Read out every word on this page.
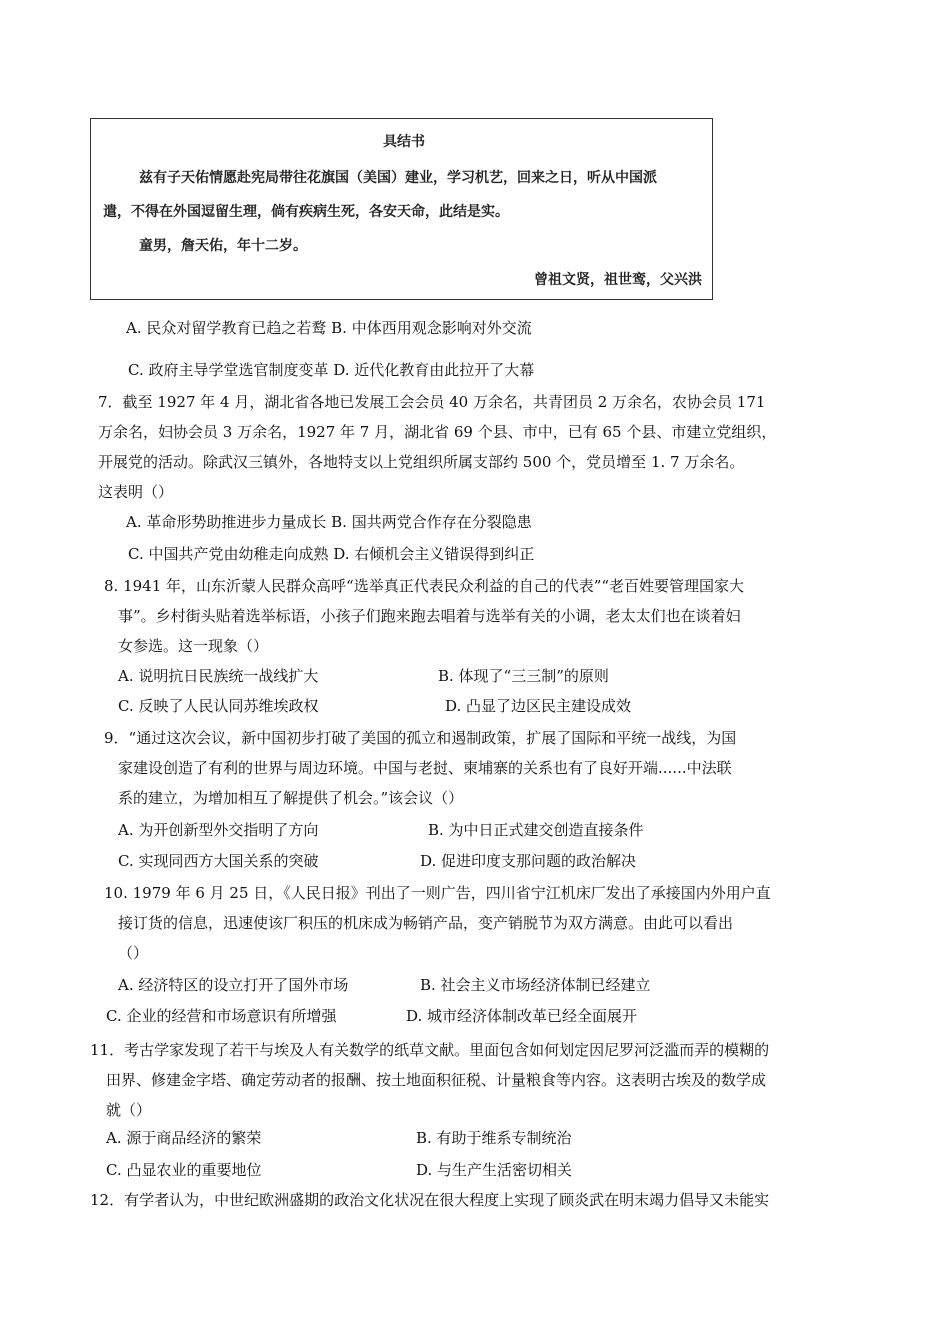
具结书
兹有子天佑情愿赴宪局带往花旗国（美国）建业，学习机艺，回来之日，听从中国派
遣，不得在外国逗留生理，倘有疾病生死，各安天命，此结是实。
童男，詹天佑，年十二岁。
曾祖文贤，祖世鸾，父兴洪
A. 民众对留学教育已趋之若鹜 B. 中体西用观念影响对外交流
C. 政府主导学堂选官制度变革 D. 近代化教育由此拉开了大幕
7．截至 1927 年 4 月，湖北省各地已发展工会会员 40 万余名，共青团员 2 万余名，农协会员 171
万余名，妇协会员 3 万余名，1927 年 7 月，湖北省 69 个县、市中，已有 65 个县、市建立党组织，
开展党的活动。除武汉三镇外，各地特支以上党组织所属支部约 500 个，党员增至 1. 7 万余名。
这表明（）
A. 革命形势助推进步力量成长 B. 国共两党合作存在分裂隐患
C. 中国共产党由幼稚走向成熟 D. 右倾机会主义错误得到纠正
8. 1941 年，山东沂蒙人民群众高呼“选举真正代表民众利益的自己的代表”“老百姓要管理国家大
事”。乡村街头贴着选举标语，小孩子们跑来跑去唱着与选举有关的小调，老太太们也在谈着妇
女参选。这一现象（）
A. 说明抗日民族统一战线扩大	B. 体现了“三三制”的原则
C. 反映了人民认同苏维埃政权	D. 凸显了边区民主建设成效
9．“通过这次会议，新中国初步打破了美国的孤立和遏制政策，扩展了国际和平统一战线，为国
家建设创造了有利的世界与周边环境。中国与老挝、柬埔寨的关系也有了良好开端......中法联
系的建立，为增加相互了解提供了机会。”该会议（）
A. 为开创新型外交指明了方向	B. 为中日正式建交创造直接条件
C. 实现同西方大国关系的突破	D. 促进印度支那问题的政治解决
10. 1979 年 6 月 25 日，《人民日报》刊出了一则广告，四川省宁江机床厂发出了承接国内外用户直
接订货的信息，迅速使该厂积压的机床成为畅销产品，变产销脱节为双方满意。由此可以看出
（）
A. 经济特区的设立打开了国外市场	B. 社会主义市场经济体制已经建立
C. 企业的经营和市场意识有所增强	D. 城市经济体制改革已经全面展开
11．考古学家发现了若干与埃及人有关数学的纸草文献。里面包含如何划定因尼罗河泛滥而弄的模糊的
田界、修建金字塔、确定劳动者的报酬、按土地面积征税、计量粮食等内容。这表明古埃及的数学成
就（）
A. 源于商品经济的繁荣	B. 有助于维系专制统治
C. 凸显农业的重要地位	D. 与生产生活密切相关
12．有学者认为，中世纪欧洲盛期的政治文化状况在很大程度上实现了顾炎武在明末竭力倡导又未能实
